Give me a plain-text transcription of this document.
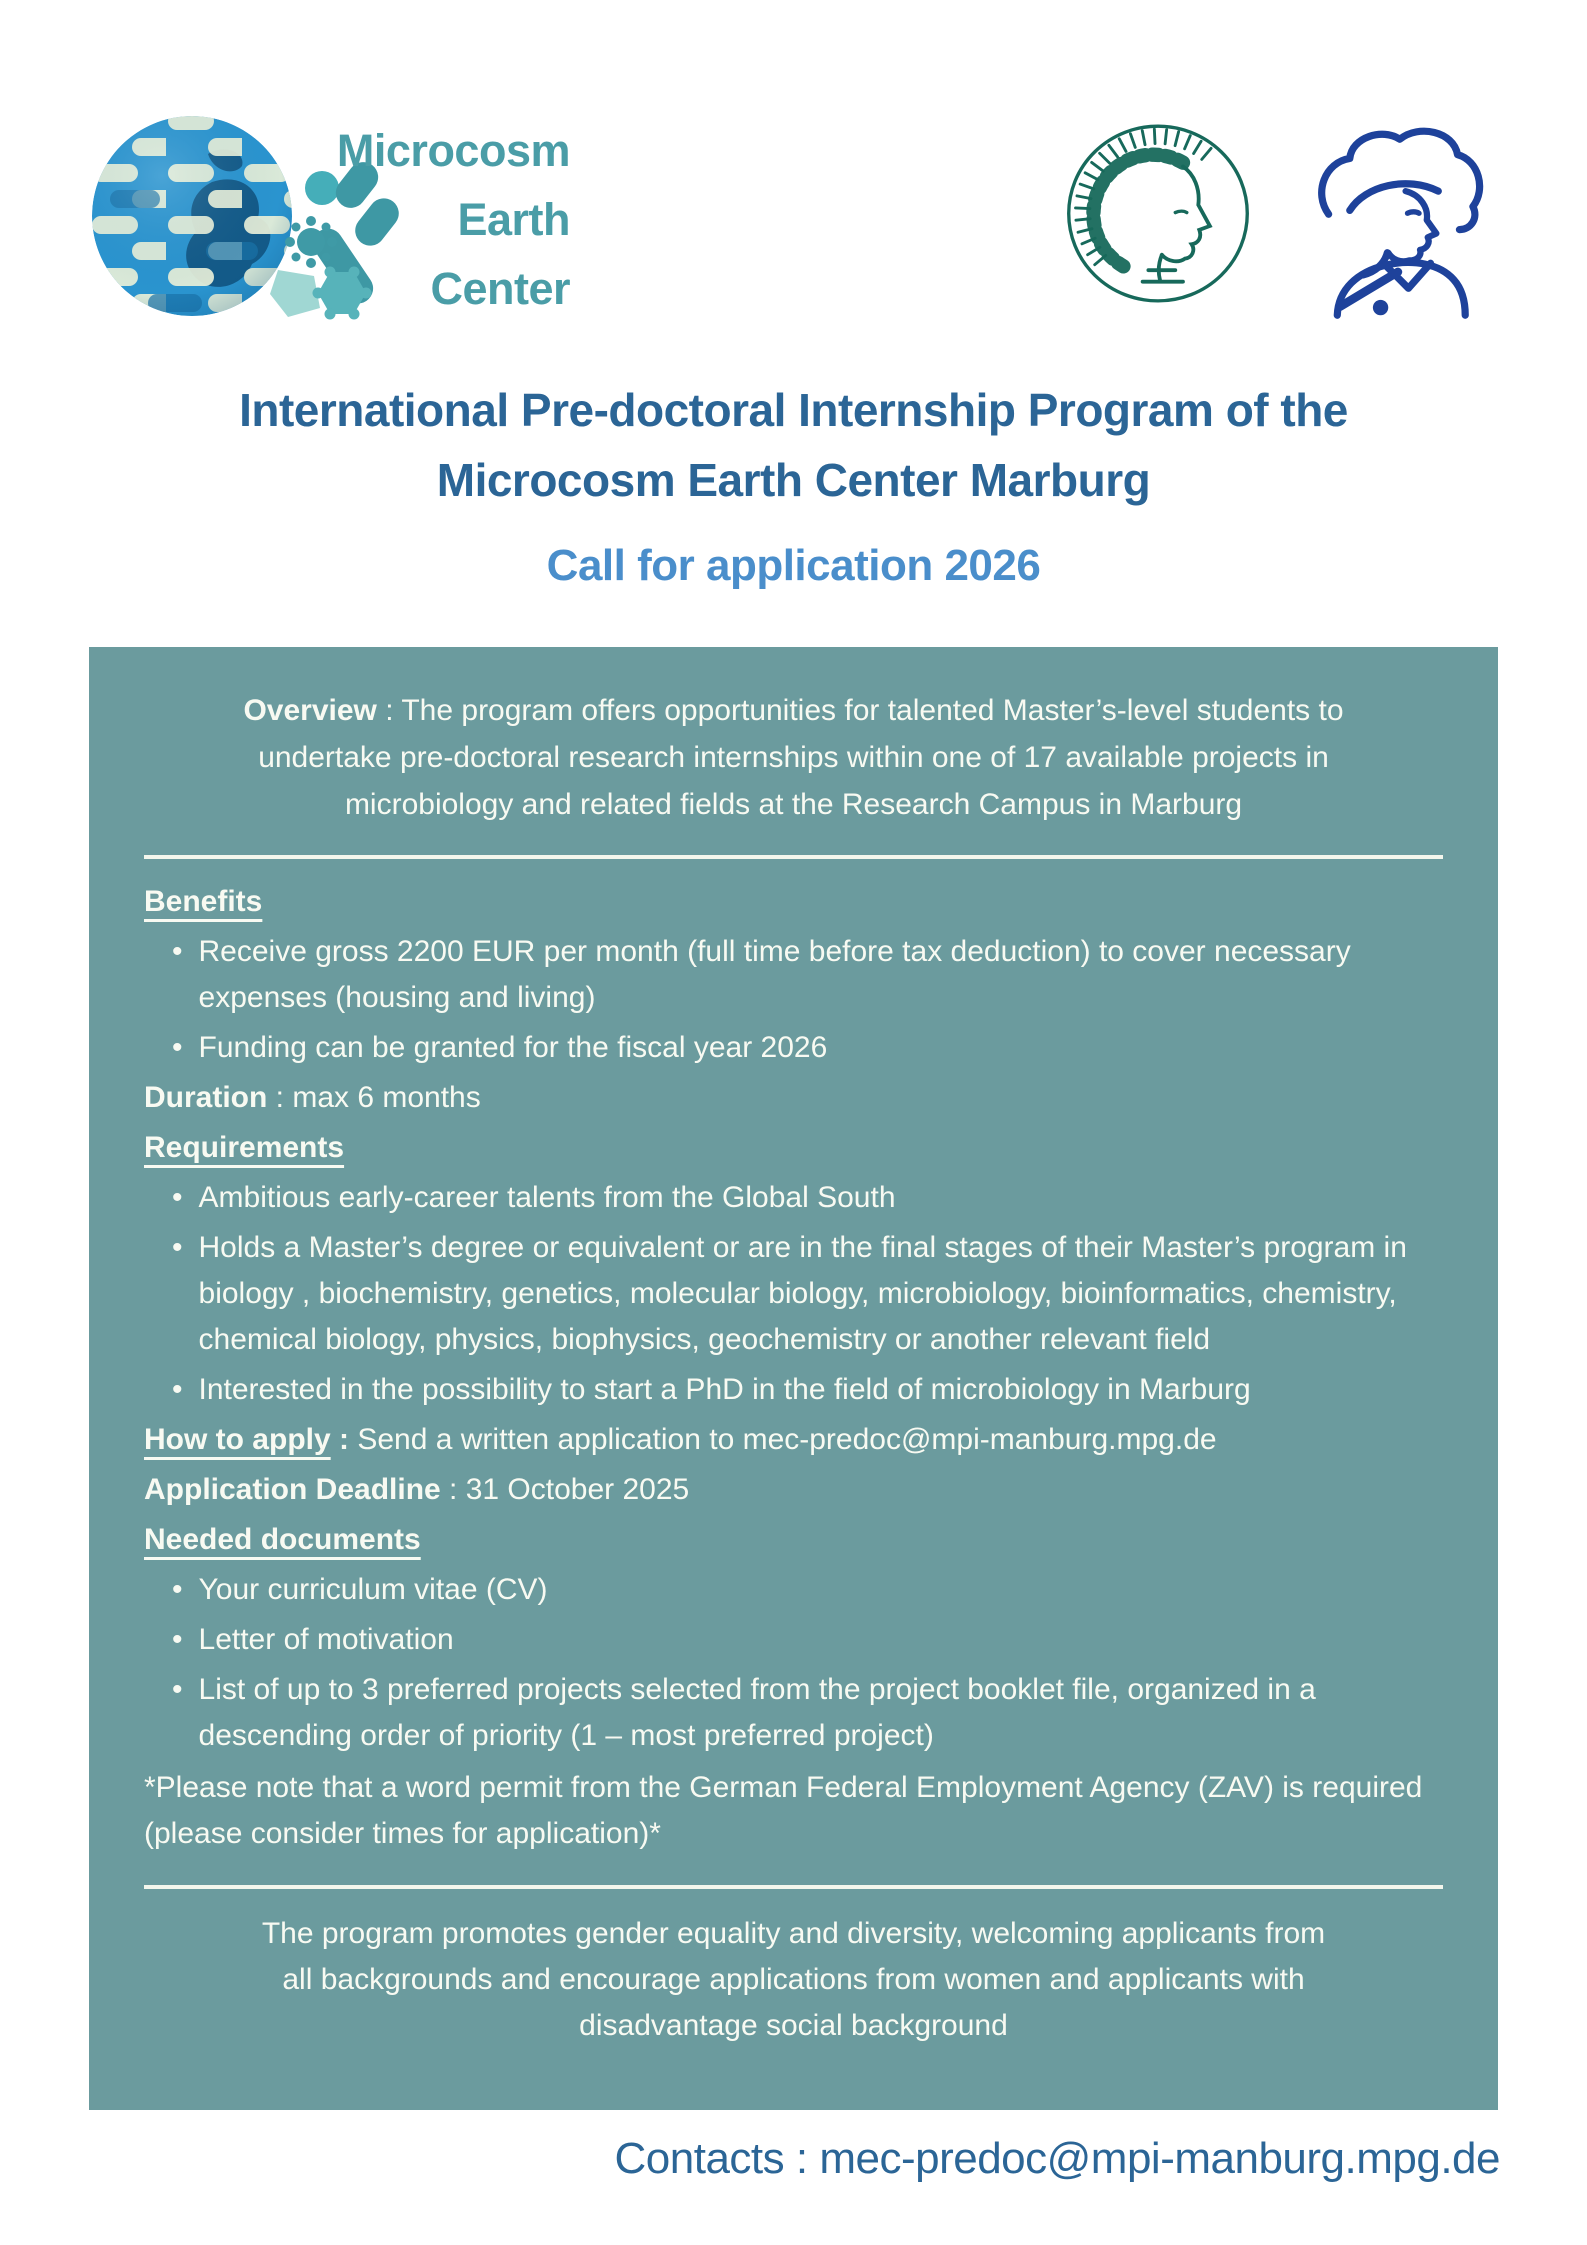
Microcosm
Earth
Center
International Pre-doctoral Internship Program of the
Microcosm Earth Center Marburg
Call for application 2026

Overview : The program offers opportunities for talented Master’s-level students to undertake pre-doctoral research internships within one of 17 available projects in microbiology and related fields at the Research Campus in Marburg

Benefits
• Receive gross 2200 EUR per month (full time before tax deduction) to cover necessary expenses (housing and living)
• Funding can be granted for the fiscal year 2026

Duration : max 6 months

Requirements
• Ambitious early-career talents from the Global South
• Holds a Master’s degree or equivalent or are in the final stages of their Master’s program in biology , biochemistry, genetics, molecular biology, microbiology, bioinformatics, chemistry, chemical biology, physics, biophysics, geochemistry or another relevant field
• Interested in the possibility to start a PhD in the field of microbiology in Marburg

How to apply : Send a written application to mec-predoc@mpi-manburg.mpg.de

Application Deadline : 31 October 2025

Needed documents
• Your curriculum vitae (CV)
• Letter of motivation
• List of up to 3 preferred projects selected from the project booklet file, organized in a descending order of priority (1 – most preferred project)

*Please note that a word permit from the German Federal Employment Agency (ZAV) is required (please consider times for application)*

The program promotes gender equality and diversity, welcoming applicants from all backgrounds and encourage applications from women and applicants with disadvantage social background

Contacts : mec-predoc@mpi-manburg.mpg.de
